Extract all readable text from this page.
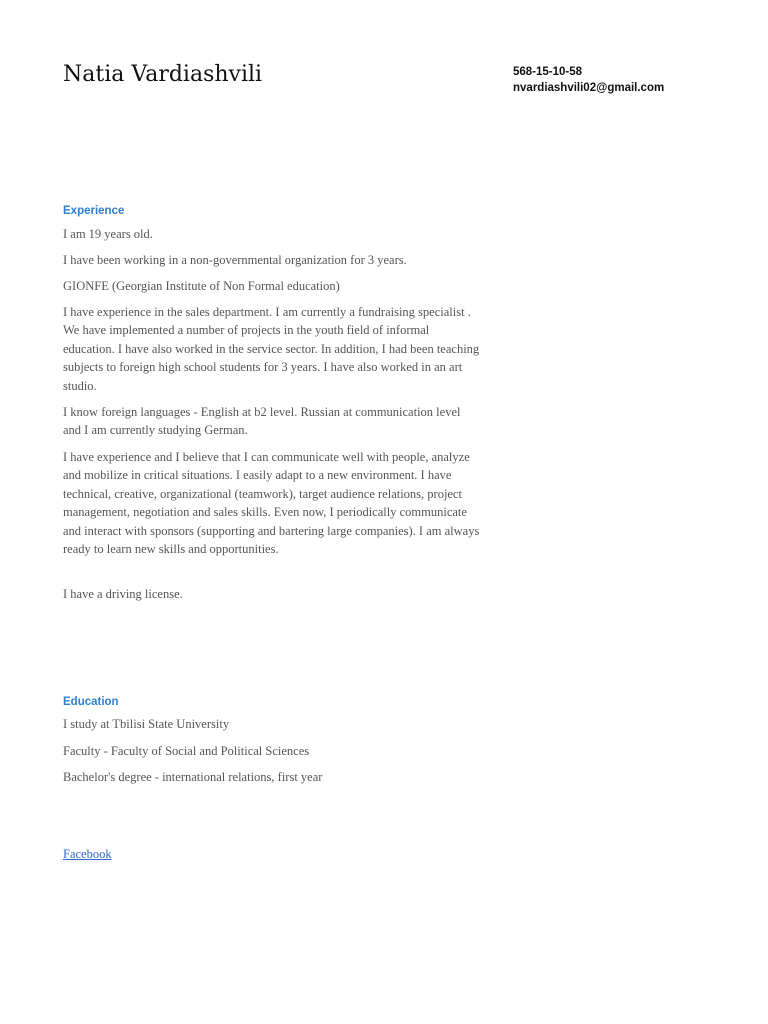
Natia Vardiashvili	568-15-10-58
nvardiashvili02@gmail.com
Experience

I am 19 years old.

I have been working in a non-governmental organization for 3 years.

GIONFE (Georgian Institute of Non Formal education)

I have experience in the sales department. I am currently a fundraising specialist . We have implemented a number of projects in the youth field of informal education. I have also worked in the service sector. In addition, I had been teaching subjects to foreign high school students for 3 years. I have also worked in an art studio.

I know foreign languages - English at b2 level. Russian at communication level and I am currently studying German.

I have experience and I believe that I can communicate well with people, analyze and mobilize in critical situations. I easily adapt to a new environment. I have technical, creative, organizational (teamwork), target audience relations, project management, negotiation and sales skills. Even now, I periodically communicate and interact with sponsors (supporting and bartering large companies). I am always ready to learn new skills and opportunities.

I have a driving license.

Education

I study at Tbilisi State University

Faculty - Faculty of Social and Political Sciences

Bachelor's degree - international relations, first year

Facebook
